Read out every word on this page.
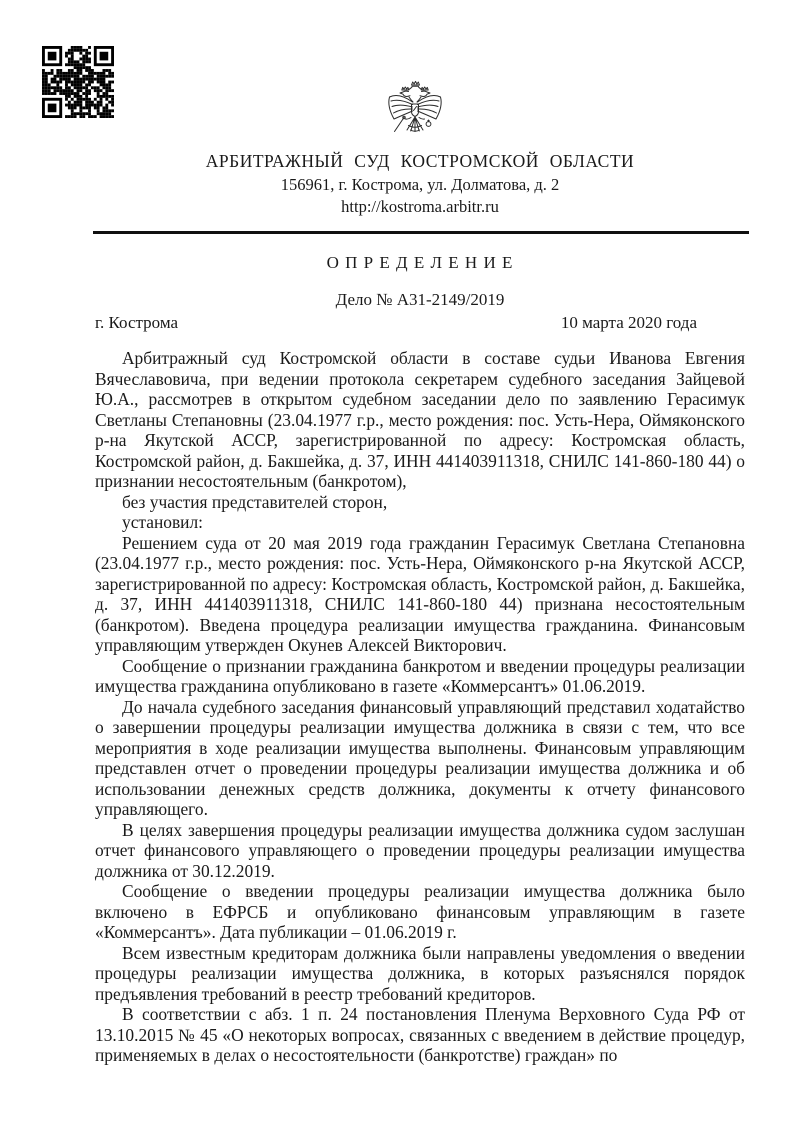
АРБИТРАЖНЫЙ СУД КОСТРОМСКОЙ ОБЛАСТИ
156961, г. Кострома, ул. Долматова, д. 2
http://kostroma.arbitr.ru
О П Р Е Д Е Л Е Н И Е
Дело № А31-2149/2019
г. Кострома	10 марта 2020 года

Арбитражный суд Костромской области в составе судьи Иванова Евгения Вячеславовича, при ведении протокола секретарем судебного заседания Зайцевой Ю.А., рассмотрев в открытом судебном заседании дело по заявлению Герасимук Светланы Степановны (23.04.1977 г.р., место рождения: пос. Усть-Нера, Оймяконского р-на Якутской АССР, зарегистрированной по адресу: Костромская область, Костромской район, д. Бакшейка, д. 37, ИНН 441403911318, СНИЛС 141-860-180 44) о признании несостоятельным (банкротом),

без участия представителей сторон,

установил:

Решением суда от 20 мая 2019 года гражданин Герасимук Светлана Степановна (23.04.1977 г.р., место рождения: пос. Усть-Нера, Оймяконского р-на Якутской АССР, зарегистрированной по адресу: Костромская область, Костромской район, д. Бакшейка, д. 37, ИНН 441403911318, СНИЛС 141-860-180 44) признана несостоятельным (банкротом). Введена процедура реализации имущества гражданина. Финансовым управляющим утвержден Окунев Алексей Викторович.

Сообщение о признании гражданина банкротом и введении процедуры реализации имущества гражданина опубликовано в газете «Коммерсантъ» 01.06.2019.

До начала судебного заседания финансовый управляющий представил ходатайство о завершении процедуры реализации имущества должника в связи с тем, что все мероприятия в ходе реализации имущества выполнены. Финансовым управляющим представлен отчет о проведении процедуры реализации имущества должника и об использовании денежных средств должника, документы к отчету финансового управляющего.

В целях завершения процедуры реализации имущества должника судом заслушан отчет финансового управляющего о проведении процедуры реализации имущества должника от 30.12.2019.

Сообщение о введении процедуры реализации имущества должника было включено в ЕФРСБ и опубликовано финансовым управляющим в газете «Коммерсантъ». Дата публикации – 01.06.2019 г.

Всем известным кредиторам должника были направлены уведомления о введении процедуры реализации имущества должника, в которых разъяснялся порядок предъявления требований в реестр требований кредиторов.

В соответствии с абз. 1 п. 24 постановления Пленума Верховного Суда РФ от 13.10.2015 № 45 «О некоторых вопросах, связанных с введением в действие процедур, применяемых в делах о несостоятельности (банкротстве) граждан» по
